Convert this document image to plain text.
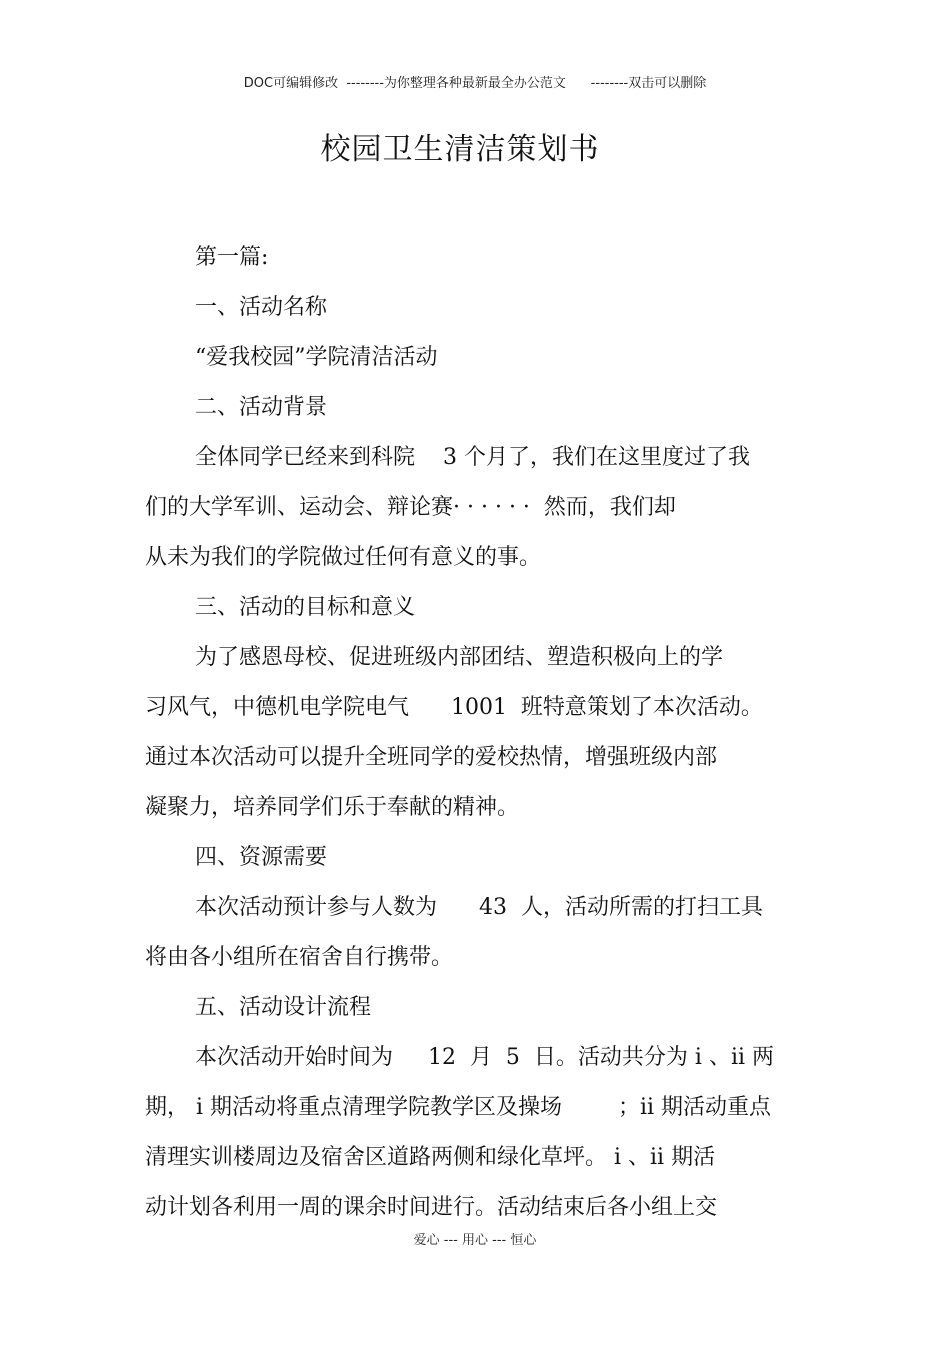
DOC可编辑修改  --------为你整理各种最新最全办公范文      --------双击可以删除
校园卫生清洁策划书
第一篇:
一、活动名称
“爱我校园”学院清洁活动
二、活动背景
全体同学已经来到科院    3 个月了，我们在这里度过了我
们的大学军训、运动会、辩论赛· · · · · ·  然而，我们却
从未为我们的学院做过任何有意义的事。
三、活动的目标和意义
为了感恩母校、促进班级内部团结、塑造积极向上的学
习风气，中德机电学院电气      1001  班特意策划了本次活动。
通过本次活动可以提升全班同学的爱校热情，增强班级内部
凝聚力，培养同学们乐于奉献的精神。
四、资源需要
本次活动预计参与人数为      43  人，活动所需的打扫工具
将由各小组所在宿舍自行携带。
五、活动设计流程
本次活动开始时间为     12  月  5  日。活动共分为 i 、ii 两
期， i 期活动将重点清理学院教学区及操场        ；ii 期活动重点
清理实训楼周边及宿舍区道路两侧和绿化草坪。 i 、ii 期活
动计划各利用一周的课余时间进行。活动结束后各小组上交
爱心 --- 用心 --- 恒心
